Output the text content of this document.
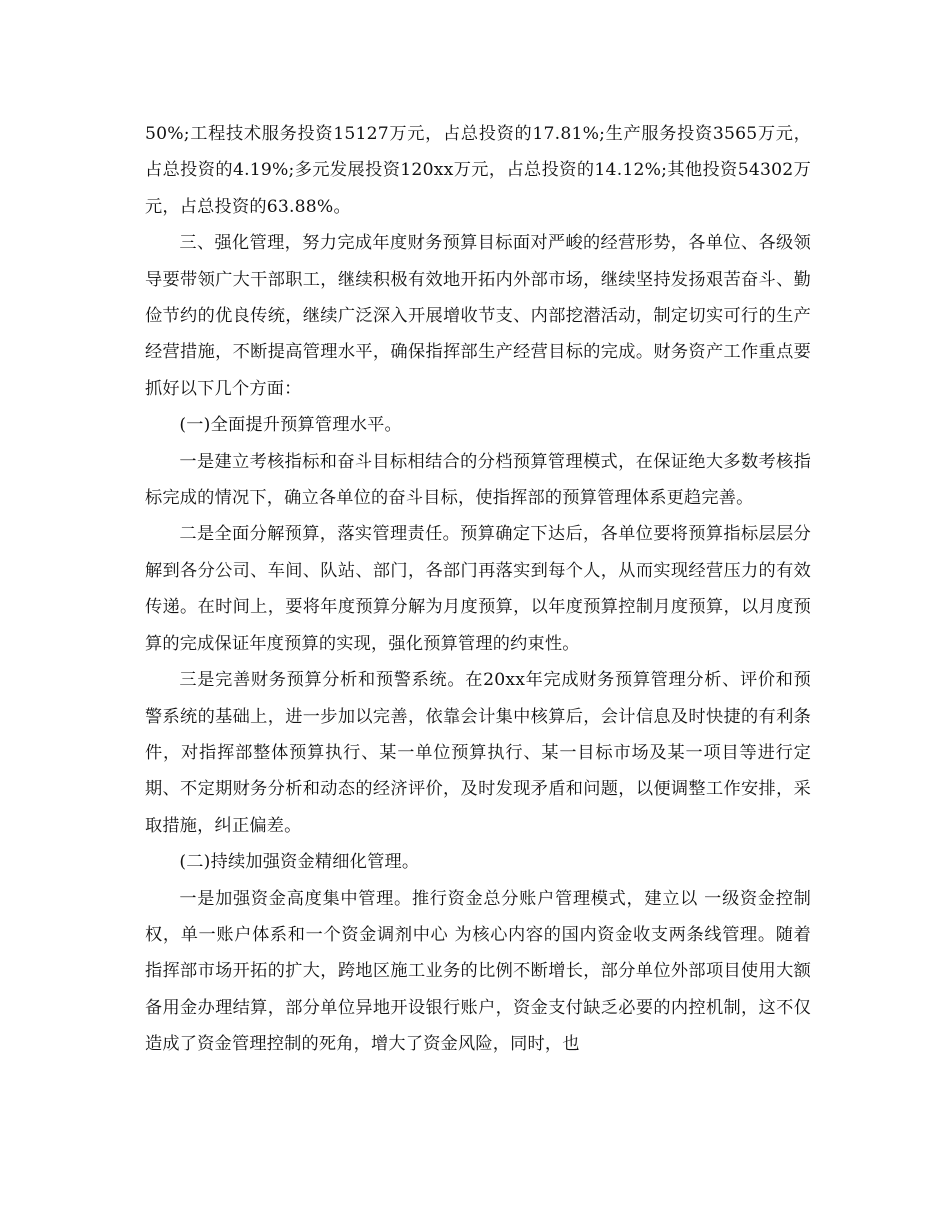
50%;工程技术服务投资15127万元，占总投资的17.81%;生产服务投资3565万元，占总投资的4.19%;多元发展投资120xx万元，占总投资的14.12%;其他投资54302万元，占总投资的63.88%。

三、强化管理，努力完成年度财务预算目标面对严峻的经营形势，各单位、各级领导要带领广大干部职工，继续积极有效地开拓内外部市场，继续坚持发扬艰苦奋斗、勤俭节约的优良传统，继续广泛深入开展增收节支、内部挖潜活动，制定切实可行的生产经营措施，不断提高管理水平，确保指挥部生产经营目标的完成。财务资产工作重点要抓好以下几个方面：

(一)全面提升预算管理水平。

一是建立考核指标和奋斗目标相结合的分档预算管理模式，在保证绝大多数考核指标完成的情况下，确立各单位的奋斗目标，使指挥部的预算管理体系更趋完善。

二是全面分解预算，落实管理责任。预算确定下达后，各单位要将预算指标层层分解到各分公司、车间、队站、部门，各部门再落实到每个人，从而实现经营压力的有效传递。在时间上，要将年度预算分解为月度预算，以年度预算控制月度预算，以月度预算的完成保证年度预算的实现，强化预算管理的约束性。

三是完善财务预算分析和预警系统。在20xx年完成财务预算管理分析、评价和预警系统的基础上，进一步加以完善，依靠会计集中核算后，会计信息及时快捷的有利条件，对指挥部整体预算执行、某一单位预算执行、某一目标市场及某一项目等进行定期、不定期财务分析和动态的经济评价，及时发现矛盾和问题，以便调整工作安排，采取措施，纠正偏差。

(二)持续加强资金精细化管理。

一是加强资金高度集中管理。推行资金总分账户管理模式，建立以 一级资金控制权，单一账户体系和一个资金调剂中心 为核心内容的国内资金收支两条线管理。随着指挥部市场开拓的扩大，跨地区施工业务的比例不断增长，部分单位外部项目使用大额备用金办理结算，部分单位异地开设银行账户，资金支付缺乏必要的内控机制，这不仅造成了资金管理控制的死角，增大了资金风险，同时，也
